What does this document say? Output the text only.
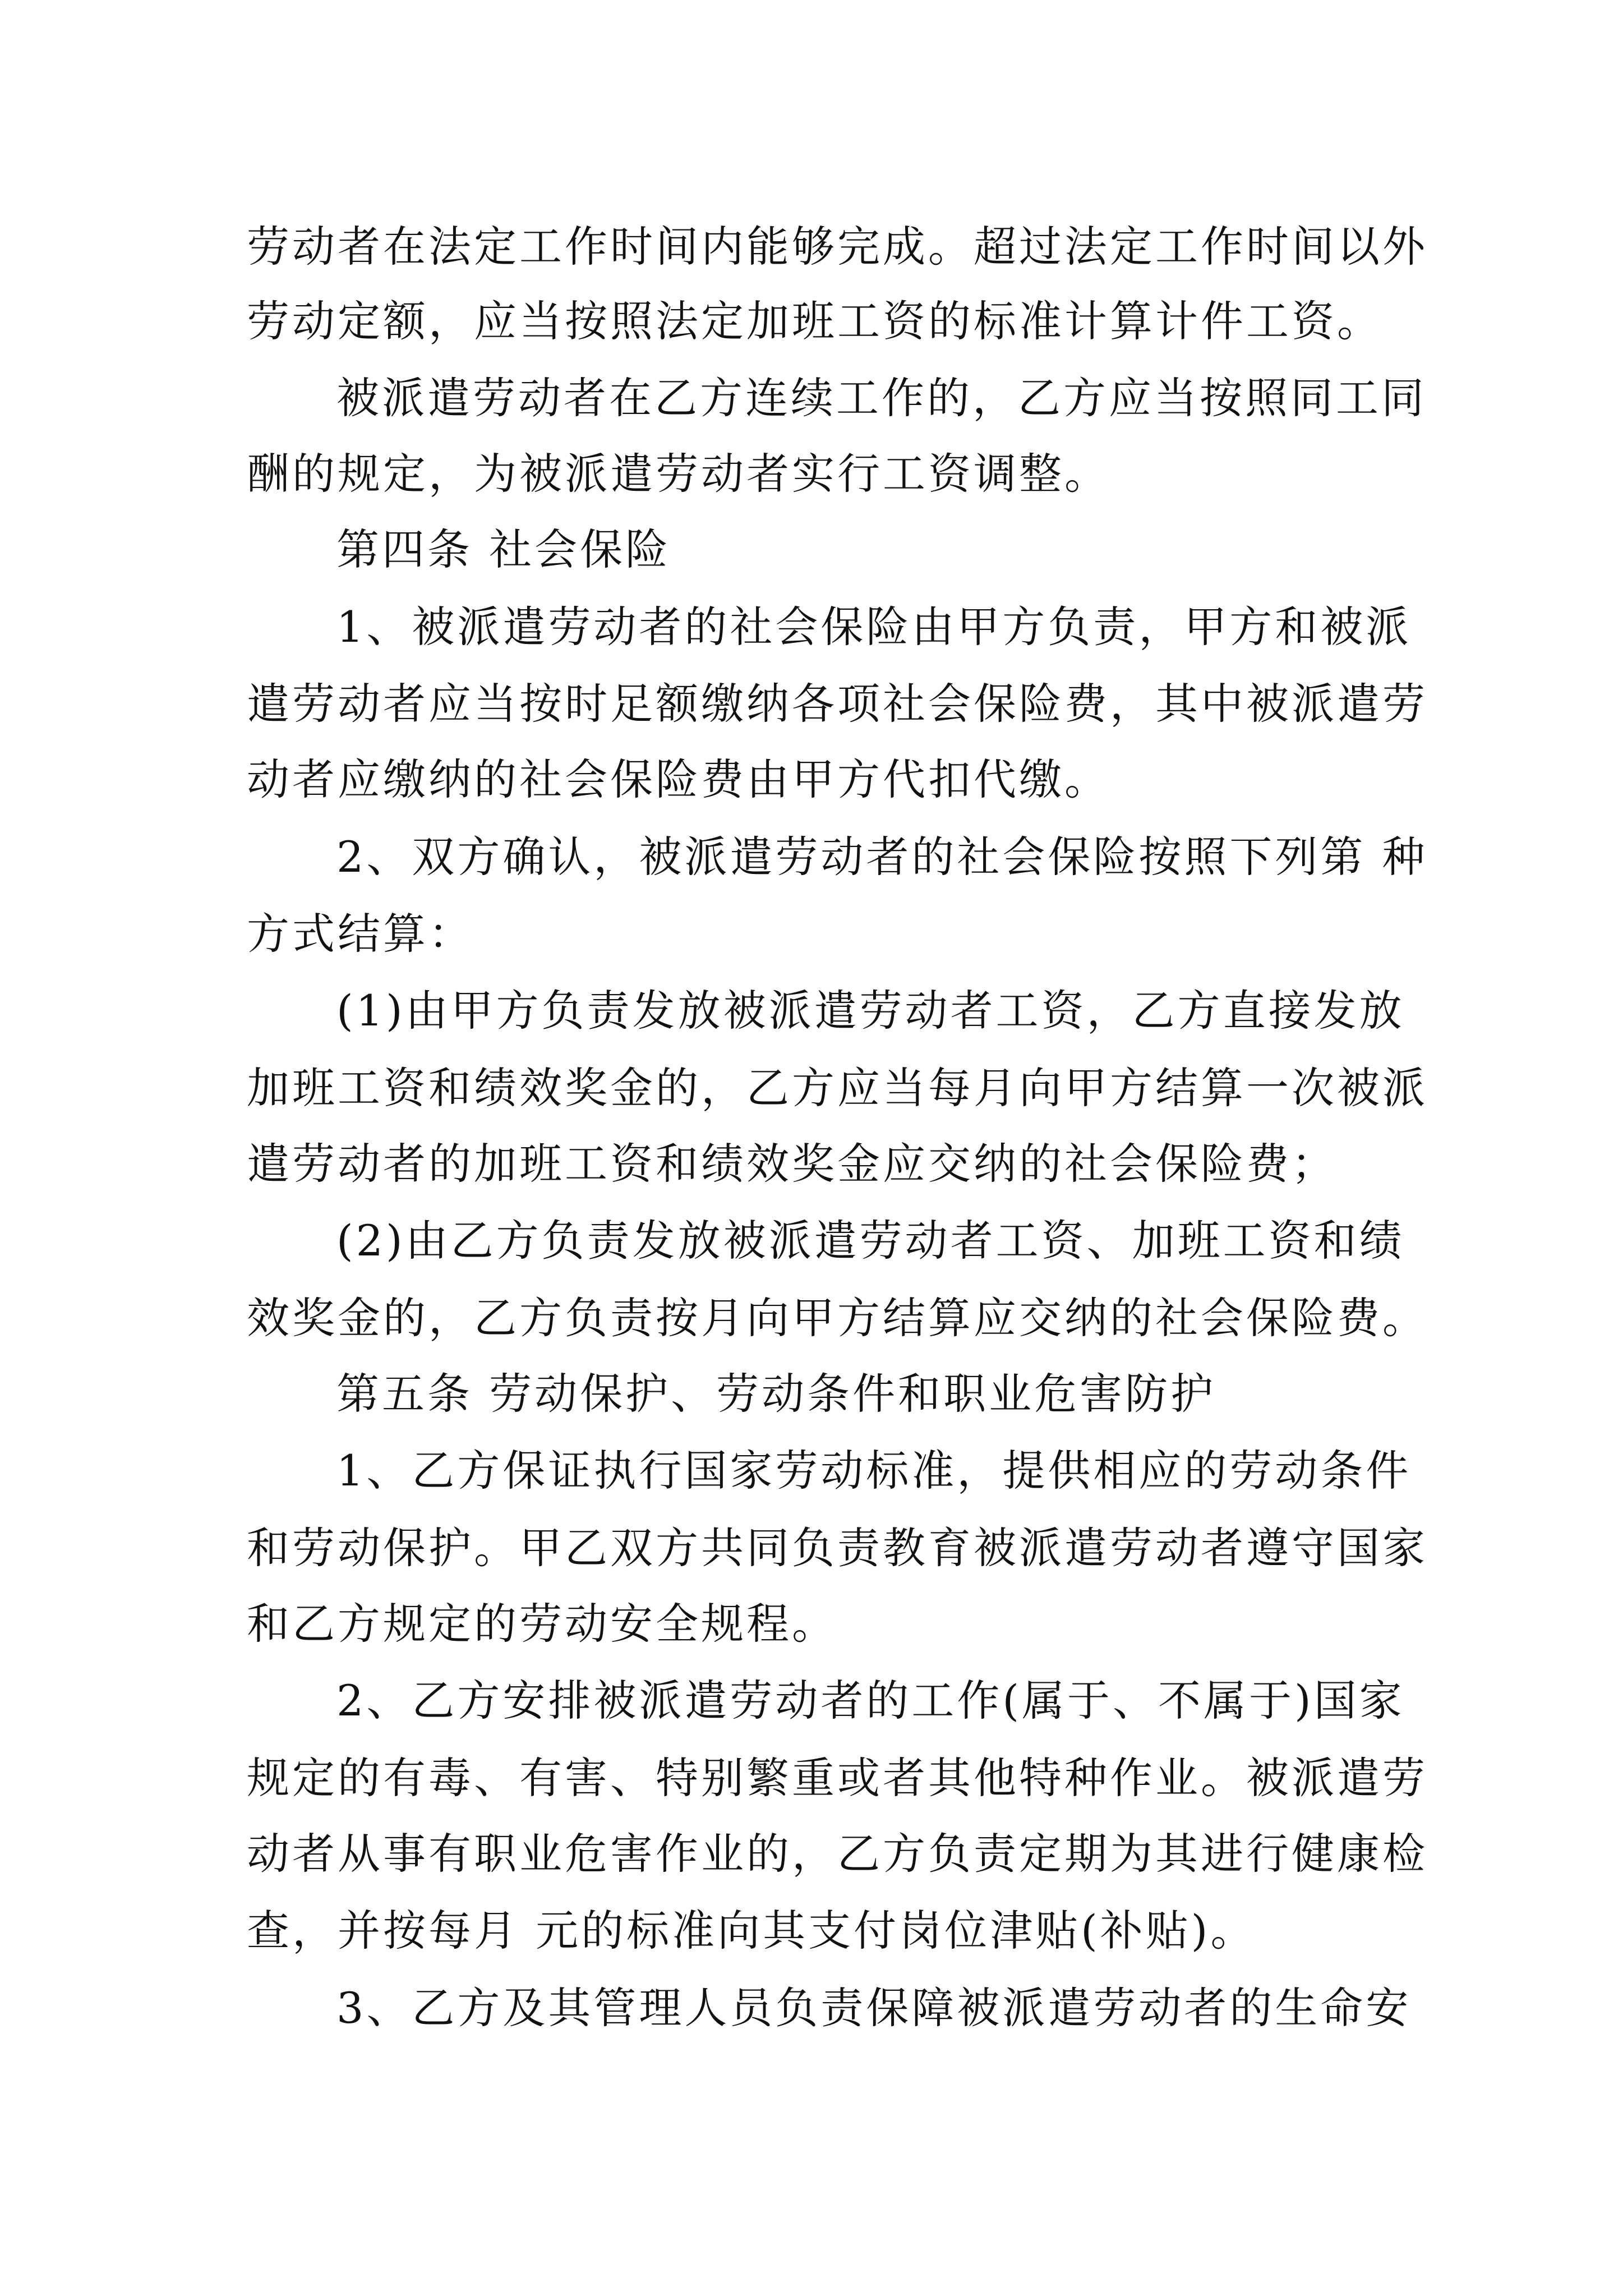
劳动者在法定工作时间内能够完成。超过法定工作时间以外
劳动定额，应当按照法定加班工资的标准计算计件工资。
被派遣劳动者在乙方连续工作的，乙方应当按照同工同
酬的规定，为被派遣劳动者实行工资调整。
第四条 社会保险
1、被派遣劳动者的社会保险由甲方负责，甲方和被派
遣劳动者应当按时足额缴纳各项社会保险费，其中被派遣劳
动者应缴纳的社会保险费由甲方代扣代缴。
2、双方确认，被派遣劳动者的社会保险按照下列第 种
方式结算：
(1)由甲方负责发放被派遣劳动者工资，乙方直接发放
加班工资和绩效奖金的，乙方应当每月向甲方结算一次被派
遣劳动者的加班工资和绩效奖金应交纳的社会保险费；
(2)由乙方负责发放被派遣劳动者工资、加班工资和绩
效奖金的，乙方负责按月向甲方结算应交纳的社会保险费。
第五条 劳动保护、劳动条件和职业危害防护
1、乙方保证执行国家劳动标准，提供相应的劳动条件
和劳动保护。甲乙双方共同负责教育被派遣劳动者遵守国家
和乙方规定的劳动安全规程。
2、乙方安排被派遣劳动者的工作(属于、不属于)国家
规定的有毒、有害、特别繁重或者其他特种作业。被派遣劳
动者从事有职业危害作业的，乙方负责定期为其进行健康检
查，并按每月 元的标准向其支付岗位津贴(补贴)。
3、乙方及其管理人员负责保障被派遣劳动者的生命安
